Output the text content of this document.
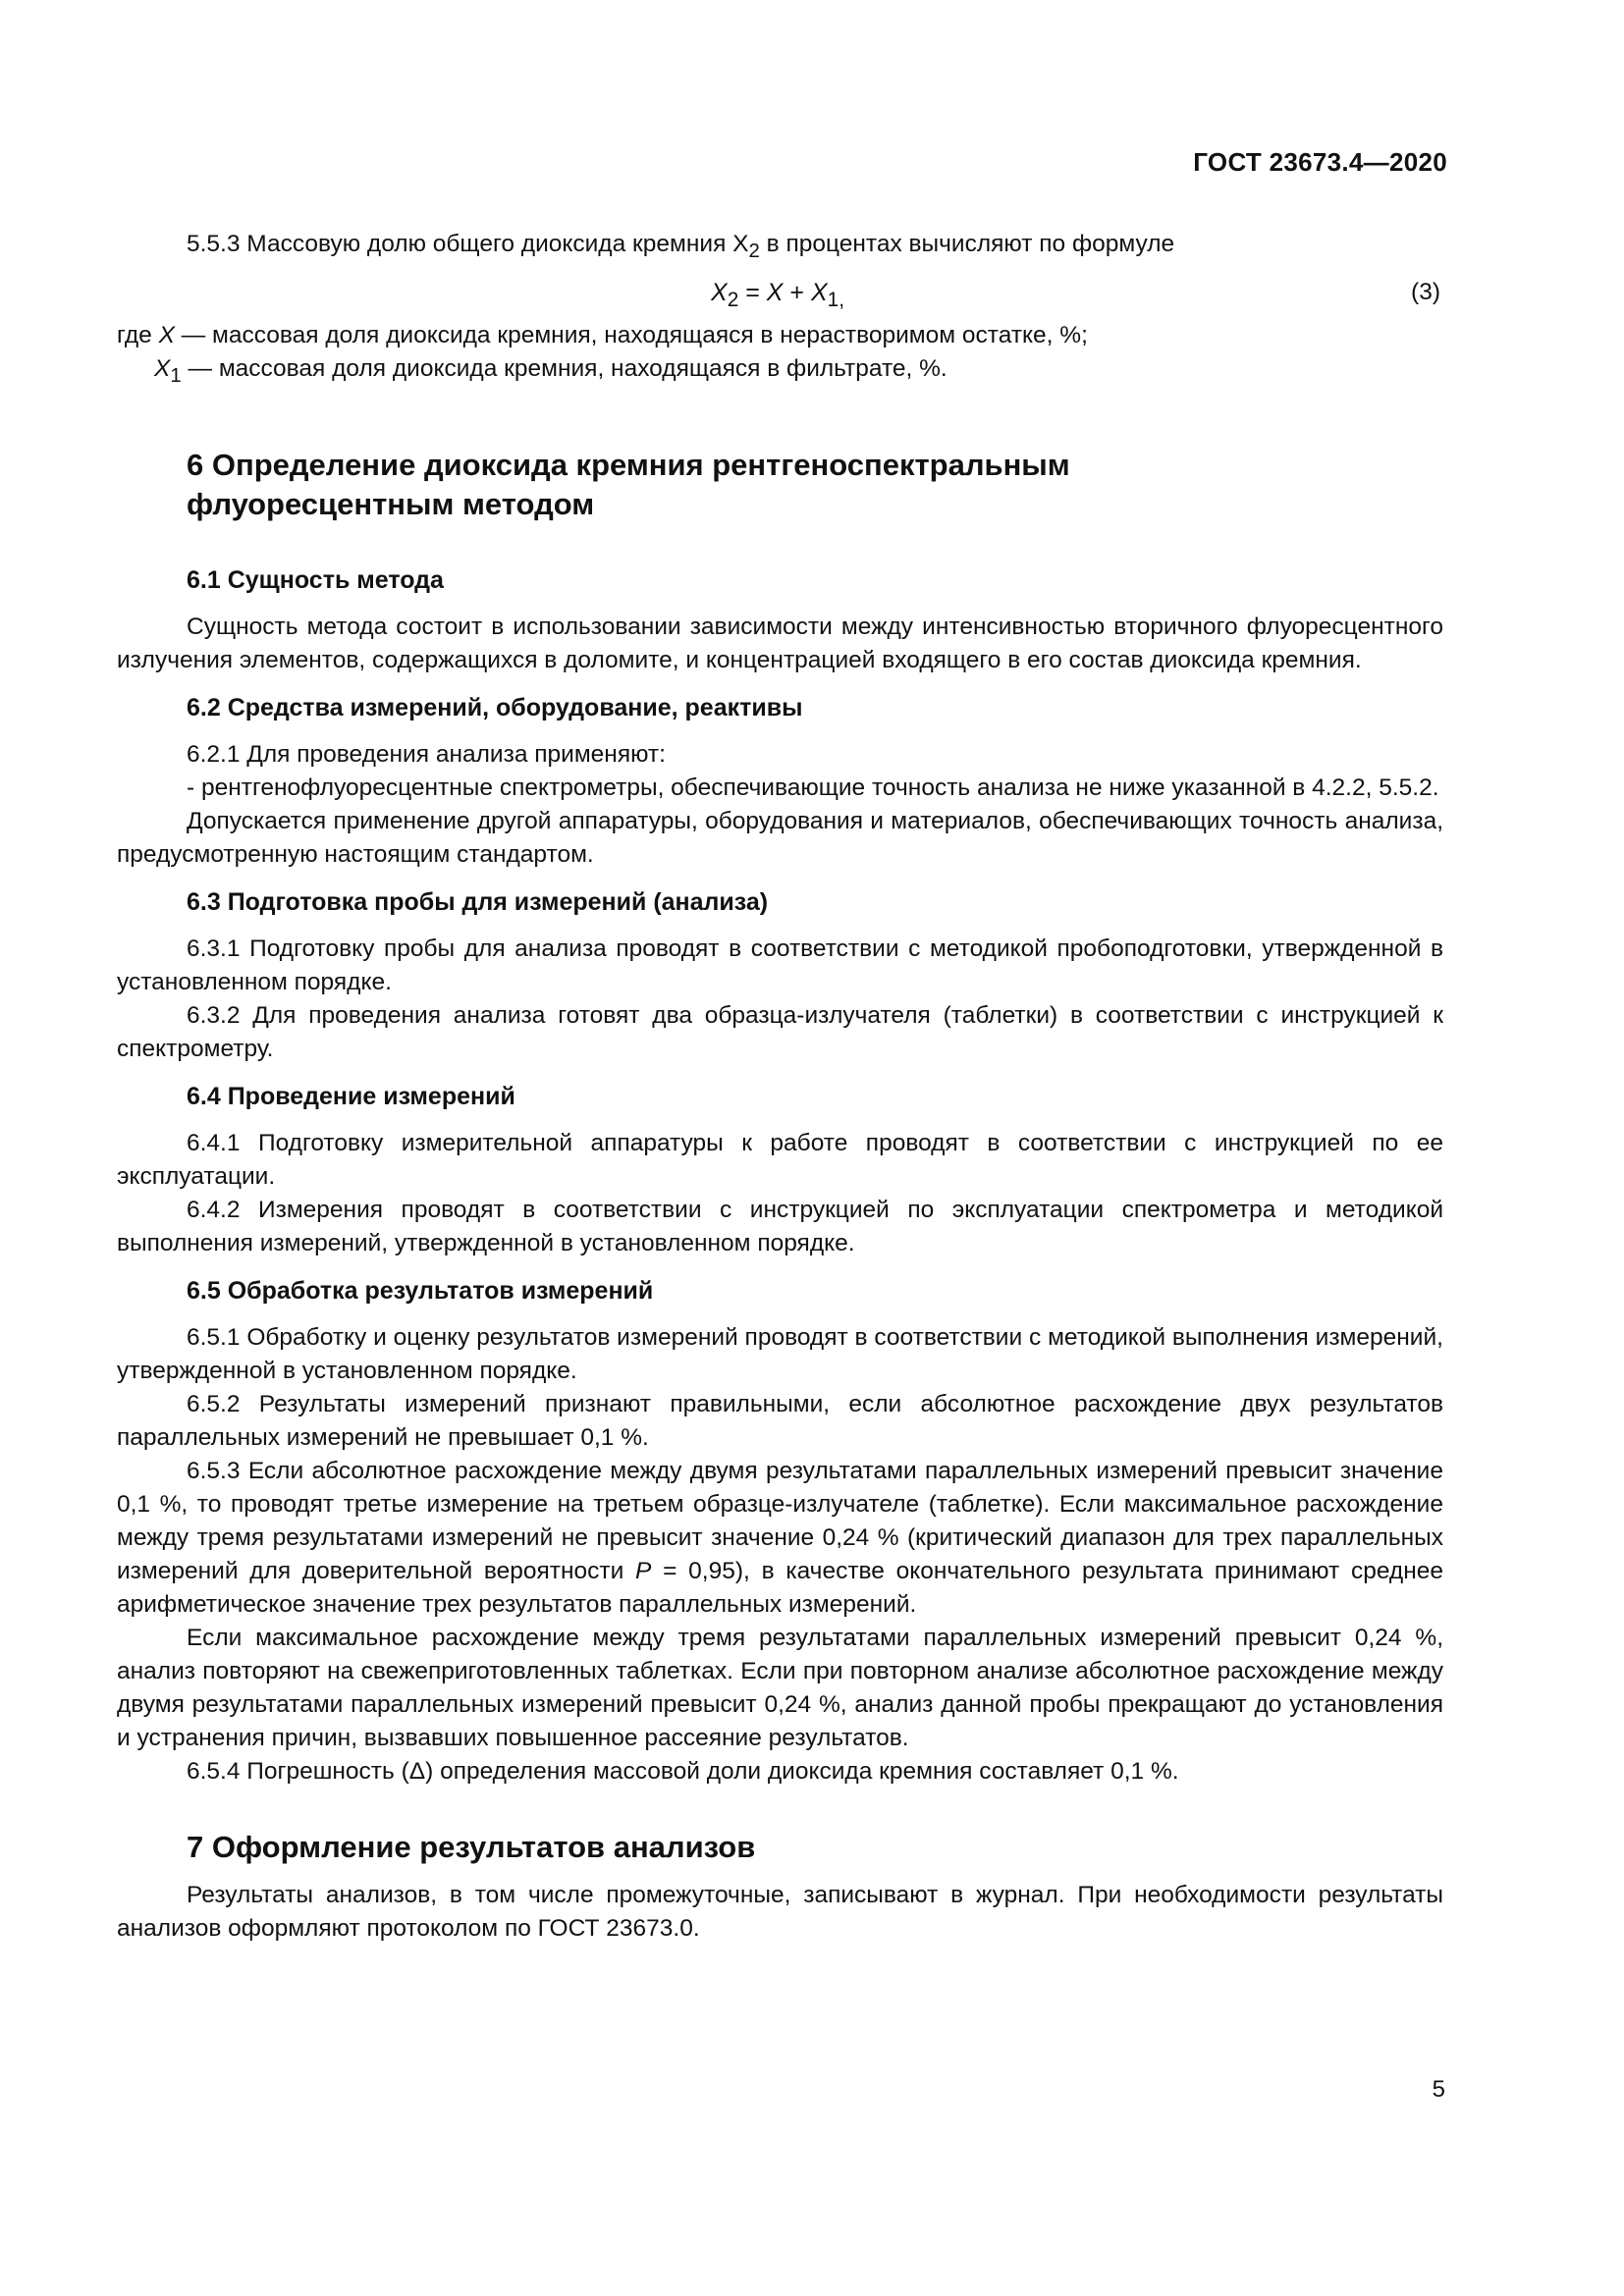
ГОСТ 23673.4—2020

5.5.3 Массовую долю общего диоксида кремния $X_2$ в процентах вычисляют по формуле

$X_2 = X + X_{1,}$	(3)

где X — массовая доля диоксида кремния, находящаяся в нерастворимом остатке, %;

$X_1$ — массовая доля диоксида кремния, находящаяся в фильтрате, %.

6 Определение диоксида кремния рентгеноспектральным
флуоресцентным методом
6.1 Сущность метода

Сущность метода состоит в использовании зависимости между интенсивностью вторичного флуоресцентного излучения элементов, содержащихся в доломите, и концентрацией входящего в его состав диоксида кремния.

6.2 Средства измерений, оборудование, реактивы

6.2.1 Для проведения анализа применяют:

- рентгенофлуоресцентные спектрометры, обеспечивающие точность анализа не ниже указанной в 4.2.2, 5.5.2.

Допускается применение другой аппаратуры, оборудования и материалов, обеспечивающих точность анализа, предусмотренную настоящим стандартом.

6.3 Подготовка пробы для измерений (анализа)

6.3.1 Подготовку пробы для анализа проводят в соответствии с методикой пробоподготовки, утвержденной в установленном порядке.

6.3.2 Для проведения анализа готовят два образца-излучателя (таблетки) в соответствии с инструкцией к спектрометру.

6.4 Проведение измерений

6.4.1 Подготовку измерительной аппаратуры к работе проводят в соответствии с инструкцией по ее эксплуатации.

6.4.2 Измерения проводят в соответствии с инструкцией по эксплуатации спектрометра и методикой выполнения измерений, утвержденной в установленном порядке.

6.5 Обработка результатов измерений

6.5.1 Обработку и оценку результатов измерений проводят в соответствии с методикой выполнения измерений, утвержденной в установленном порядке.

6.5.2 Результаты измерений признают правильными, если абсолютное расхождение двух результатов параллельных измерений не превышает 0,1 %.

6.5.3 Если абсолютное расхождение между двумя результатами параллельных измерений превысит значение 0,1 %, то проводят третье измерение на третьем образце-излучателе (таблетке). Если максимальное расхождение между тремя результатами измерений не превысит значение 0,24 % (критический диапазон для трех параллельных измерений для доверительной вероятности P = 0,95), в качестве окончательного результата принимают среднее арифметическое значение трех результатов параллельных измерений.

Если максимальное расхождение между тремя результатами параллельных измерений превысит 0,24 %, анализ повторяют на свежеприготовленных таблетках. Если при повторном анализе абсолютное расхождение между двумя результатами параллельных измерений превысит 0,24 %, анализ данной пробы прекращают до установления и устранения причин, вызвавших повышенное рассеяние результатов.

6.5.4 Погрешность (Δ) определения массовой доли диоксида кремния составляет 0,1 %.

7 Оформление результатов анализов

Результаты анализов, в том числе промежуточные, записывают в журнал. При необходимости результаты анализов оформляют протоколом по ГОСТ 23673.0.

5
